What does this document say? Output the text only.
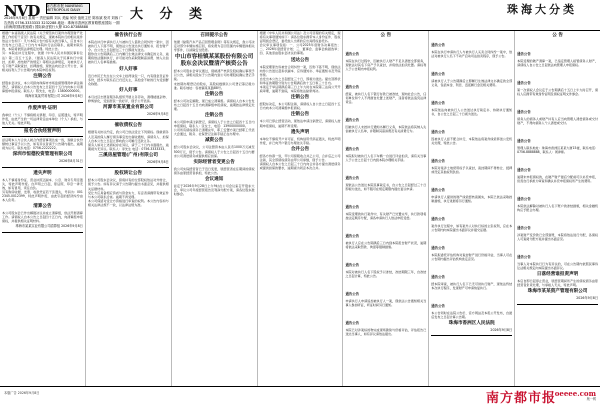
NVD 南方都市报 NANFANG METROPOLIS DAILY	大 分 类	珠海大分类
2026年9月8日 星期一 责任编辑 刘兵 美编 何欣 值班主任 陈伟斌 校对 刘蓉 广告热线 0756-3333333 3232288 地址：珠海市香洲区教育路银座国际 一期(前海湾国际银座路) 国际商业银行大厦 020-87388888
根据广东省高级人民法院《关于规范执行案件办理及财产处置工作的若干意见》的有关规定，现就本院执行的相关案件依法公告如下：凡与本院公告内容有关的当事人，应自本公告发布之日起三十日内与本院执行法官联系，逾期未联系的，本院将依照法律规定处理。特此公告。
另：本院在执行过程中，依据《中华人民共和国民事诉讼法》第二百五十五条、《最高人民法院关于民事执行中查封、扣押、冻结财产的规定》等相关法律规定，对被执行人名下财产采取查封、扣押措施，现依法向社会公开公告，请相关权利人于公告期内向本院申报权利。
注销公告
经股东会决议，本公司拟向珠海市市场监督管理局申请注销登记，请债权人自本公告发布之日起四十五日内向本公司清算组申报债权。联系人：陈先生，电话：13800000000。
珠海市某某贸易有限公司 2026年9月8日
作废声明·证明
我单位（个人）不慎将相关票据、印章、证照遗失，特声明作废，由此产生的一切法律责任由本单位（个人）承担，与他人无关。特此声明。
报名合伙经营声明
兹证明本人与合伙人就合作经营事项达成一致，现就合伙份额转让事宜予以公告，如有异议者请于公告期内提出，逾期视为认可。联系电话：0756-2222222。
深圳市恒德投资管理有限公司
2026年8月31日
遗失声明
本人不慎将身份证、营业执照正副本、公章、财务专用章遗失，特此声明作废。自声明之日起，原证照、印章一律无效，如有冒用，责任自负。
另有购房收据、发票、收款凭证若干张遗失，号码为：0012345-0012399，特此声明作废，由此引起的经济纠纷由本人负责。
清算公告
本公司股东会已作出解散决议并成立清算组，依法开展清算工作。请债权人自本公告之日起四十五日内，向清算组申报债权，并提供相关证明材料。
珠海市某某实业有限公司清算组 2026年9月8日
催告执行公告
本院在执行申请执行人与被执行人借款合同纠纷一案中，因被执行人下落不明，现依法公告送达执行通知书、报告财产令。自公告之日起经过三十日即视为送达。
限你自公告期满后三日内履行生效法律文书确定的义务，逾期将依法强制执行，并可能对你采取限制高消费、纳入失信被执行人名单等措施。
好人好事
近日市民王先生在公交车上拾得钱包一只，内有现金及证件多份，经多方联系后已归还失主，其拾金不昧的行为受到群众称赞。
好人好事
本月社区志愿者服务队组织开展义务劳动，清理楼道杂物、修剪绿化，受到居民一致好评，现予公开表扬。
河源市某某置业有限公司
2026年9月8日
催收债权公告
根据有关协议约定，我公司已依法受让下列债权。现就债务人及其担保人履行债务事宜发出催收通知，请债务人、担保人自本公告之日起立即向我公司履行还款义务。
债务人如对上述债权存在异议，请于三十日内书面提出，逾期视为无异议。联系人：李先生 电话：0756-3333333。
三溪房屋管理(广州)有限公司
2026年9月8日
股权转让公告
经本公司股东会决议，拟将持有的全部股权依法对外转让，现予公告。如有异议请于公告期内提出书面意见，并提供相关证据材料。
受让方应具备相应资质与资金实力，有意者请携带有效证件与本公司联系洽谈。逾期不再受理。
本公司保留对受让方资格进行审查的权利。本公告内容如与相关法律法规不一致，以法律法规为准。
召回提示公告
依据《缺陷汽车产品召回管理条例》等有关规定，我公司决定对部分车辆实施召回，将免费为召回范围内车辆更换相关零部件，以消除安全隐患。
中山市容桂镇某某股份有限公司股东会决议暨清产核资公告
经本公司股东会审议通过，现就清产核资及股权确认事项予以公告，请相关股东于公告期内到公司办理股权确认登记手续。
未按期办理登记的股东，其股权数额以公司登记簿记载为准。联系地址：容桂镇某某路88号。
注销公告
经本公司决定解散，现已成立清算组。请债权人自本公告发布之日起四十五日内向清算组申报债权，逾期按法律规定处理。
注销公告
本公司拟申请注销登记，请债权人于公告之日起四十五日内申报债权，联系人：张女士，电话：13900000000。
公司所有债权债务已清理完毕，职工安置方案已经职工代表大会通过，税务、社保登记注销手续正在办理中。
减资公告
经公司股东会决议，公司注册资本由人民币1000万元减至500万元，现予公告。请债权人于公告之日起四十五日内要求公司清偿债务或提供相应担保。
实际经营者变更公告
我公司实际经营者已于近日变更，原经营者在任期间的债权债务由原经营者承担，特此公告。
会议通知
兹定于2026年9月28日上午9时在公司会议室召开股东大会，审议公司年度经营报告及利润分配方案，请各位股东准时参会。
根据《中华人民共和国公司法》及公司章程的有关规定，现将有关事项通知如下：请各位股东携带本人身份证件、股权证明到会登记，委托他人出席的应出具授权委托书。
会议审议事项包括：一、公司2025年度财务决算报告；二、2026年度经营计划；三、董事会、监事会换届选举；四、其他需由股东会决议的事项。
送达公告
本院受理原告诉被告合同纠纷一案，因你下落不明，现依法向你公告送达起诉状副本、应诉通知书、举证通知书及开庭传票。
自发出本公告之日起经过三十日，即视为送达。提出答辩状和举证的期限分别为公告期满后的十五日和三十日内。
本案定于举证期满后第三日上午九时在本院第三法庭公开开庭审理，逾期不到庭，本院将依法缺席判决。
注销公告
经股东决定，本公司拟注销，请债权人自公告之日起四十五日内向本公司清算组申报债权。
注销公告
本公司已停止经营活动，现依法申请注销登记，请债权人按期申报债权，逾期不再受理。
遗失声明
本单位不慎将开户许可证、机构信用代码证遗失，特此声明作废，并已向开户银行办理挂失手续。
合并公告
经各方协商一致，甲公司拟吸收合并乙公司，合并后乙公司注销，其全部债权债务由甲公司承继，现予公告。
请债权人自本公告之日起三十日内向合并各方提出清偿债务或提供担保的要求，逾期视为同意本次合并。
公 告
通告公告
本院在执行过程中，因被执行人财产不足以清偿全部债务，现依法对其名下房产予以查封，并将依法拍卖处置。请权利人于公告期内申报权利。
通告公告
经查，被执行人名下银行存款已被冻结，现向社会公告，任何单位和个人不得擅自处置上述财产，违者将依法追究法律责任。
通告公告
因被执行人未按执行通知书履行义务，本院依法将其纳入失信被执行人名单，并限制其高消费及有关消费行为。
通告公告
本院拟对被执行人名下车辆一台进行评估拍卖，请有关当事人于公告之日起十日内到本院办理相关手续。
通告公告
现依法公告送达本院民事裁定书，自公告之日起经过三十日即视为送达，如不服可在规定期限内提出复议申请。
通告公告
本院受理的执行案件中，有关财产已处置完毕，执行款项将按法定顺序分配，请各申请执行人依法申报受偿。
通告公告
被执行人应在公告期满后三日内到本院报告财产状况，逾期将依法采取罚款、拘留等强制措施。
通告公告
本院对被执行人名下股权予以冻结，冻结期限三年，自冻结之日起计算，特此公告。
通告公告
申请执行人申请追加被执行人一案，现依法公告通知相关当事人参加听证，听证时间另行通知。
通告公告
本院已对涉案标的物完成现场勘验与价格评估，评估报告已送达当事人，如有异议请依法提出。
通告公告
本院在执行申请执行人与被执行人买卖合同纠纷一案中，依法对被执行人名下不动产启动司法拍卖程序，现予公告。
通告公告
请被执行人于公告期满后立即履行生效法律文书确定的全部义务，包括本金、利息、迟延履行金及相关费用。
通告公告
本院依法向被执行人公告送达执行裁定书、协助执行通知书，自公告之日起三十日视为送达。
通告公告
因被执行人拒不配合执行，本院依法将案件线索移送公安机关处理，特此公告。
通告公告
本院对案涉土地使用权予以查封，查封期间不得转让、抵押或设定其他权利负担。
通告公告
申请执行人提供的财产线索经核查属实，本院已依法采取控制措施，执行进展将另行通知。
通告公告
案件执行过程中，如有案外人对执行标的主张权利，应在本公告期内向本院提出书面异议并提交证据。
通告公告
本院拟委托评估机构对查封财产进行价格评估，当事人可在公告期内提出评估机构选定意见。
通告公告
经本院审查，被执行人名下已无可供执行财产，现依法终结本次执行程序，发现财产可申请恢复执行。
通告公告
本公告同时在法院公告栏、官方网站及本报公开发布，自最后发布之日起计算公告期。
珠海市香洲区人民法院
2026年9月8日
公 告
通告公告
本院受理的破产清算一案，已指定管理人接管债务人财产，请债权人自公告之日起依法向管理人申报债权。
通告公告
第一次债权人会议定于公告期满后十五日上午九时召开，债权人应携带有效身份证明及债权证明文件参会。
通告公告
债务人的债务人或财产持有人应当向管理人清偿债务或交付财产，不得向债务人个人清偿或交付。
通告公告
管理人联系地址：珠海市香洲区某某大厦15楼，联系电话：0756-8888888，联系人：周律师。
通告公告
逾期未申报债权的，在破产财产最后分配前可以补充申报，但需自行承担为审查和确认补充申报债权所产生的费用。
通告公告
本院依法解除对被执行人名下账户的冻结措施，相关金融机构应予配合办理。
通告公告
涉案财产变价款已全部到账，本院将依法进行分配，各债权人可查阅分配方案并提出书面意见。
通告公告
当事人对本院执行行为有异议的，可在公告期内依照民事诉讼法相关规定向本院提出书面异议。
日落经营谁担责声明
本店自即日起停止营业，原经营期间所产生的债权债务由原经营者负责处理，与承租人无关，特此声明。
珠海市某某资产管理有限公司
2026年9月8日
本版广告 2026年9月8日	南方都市报
oeeee.com
奥一网
